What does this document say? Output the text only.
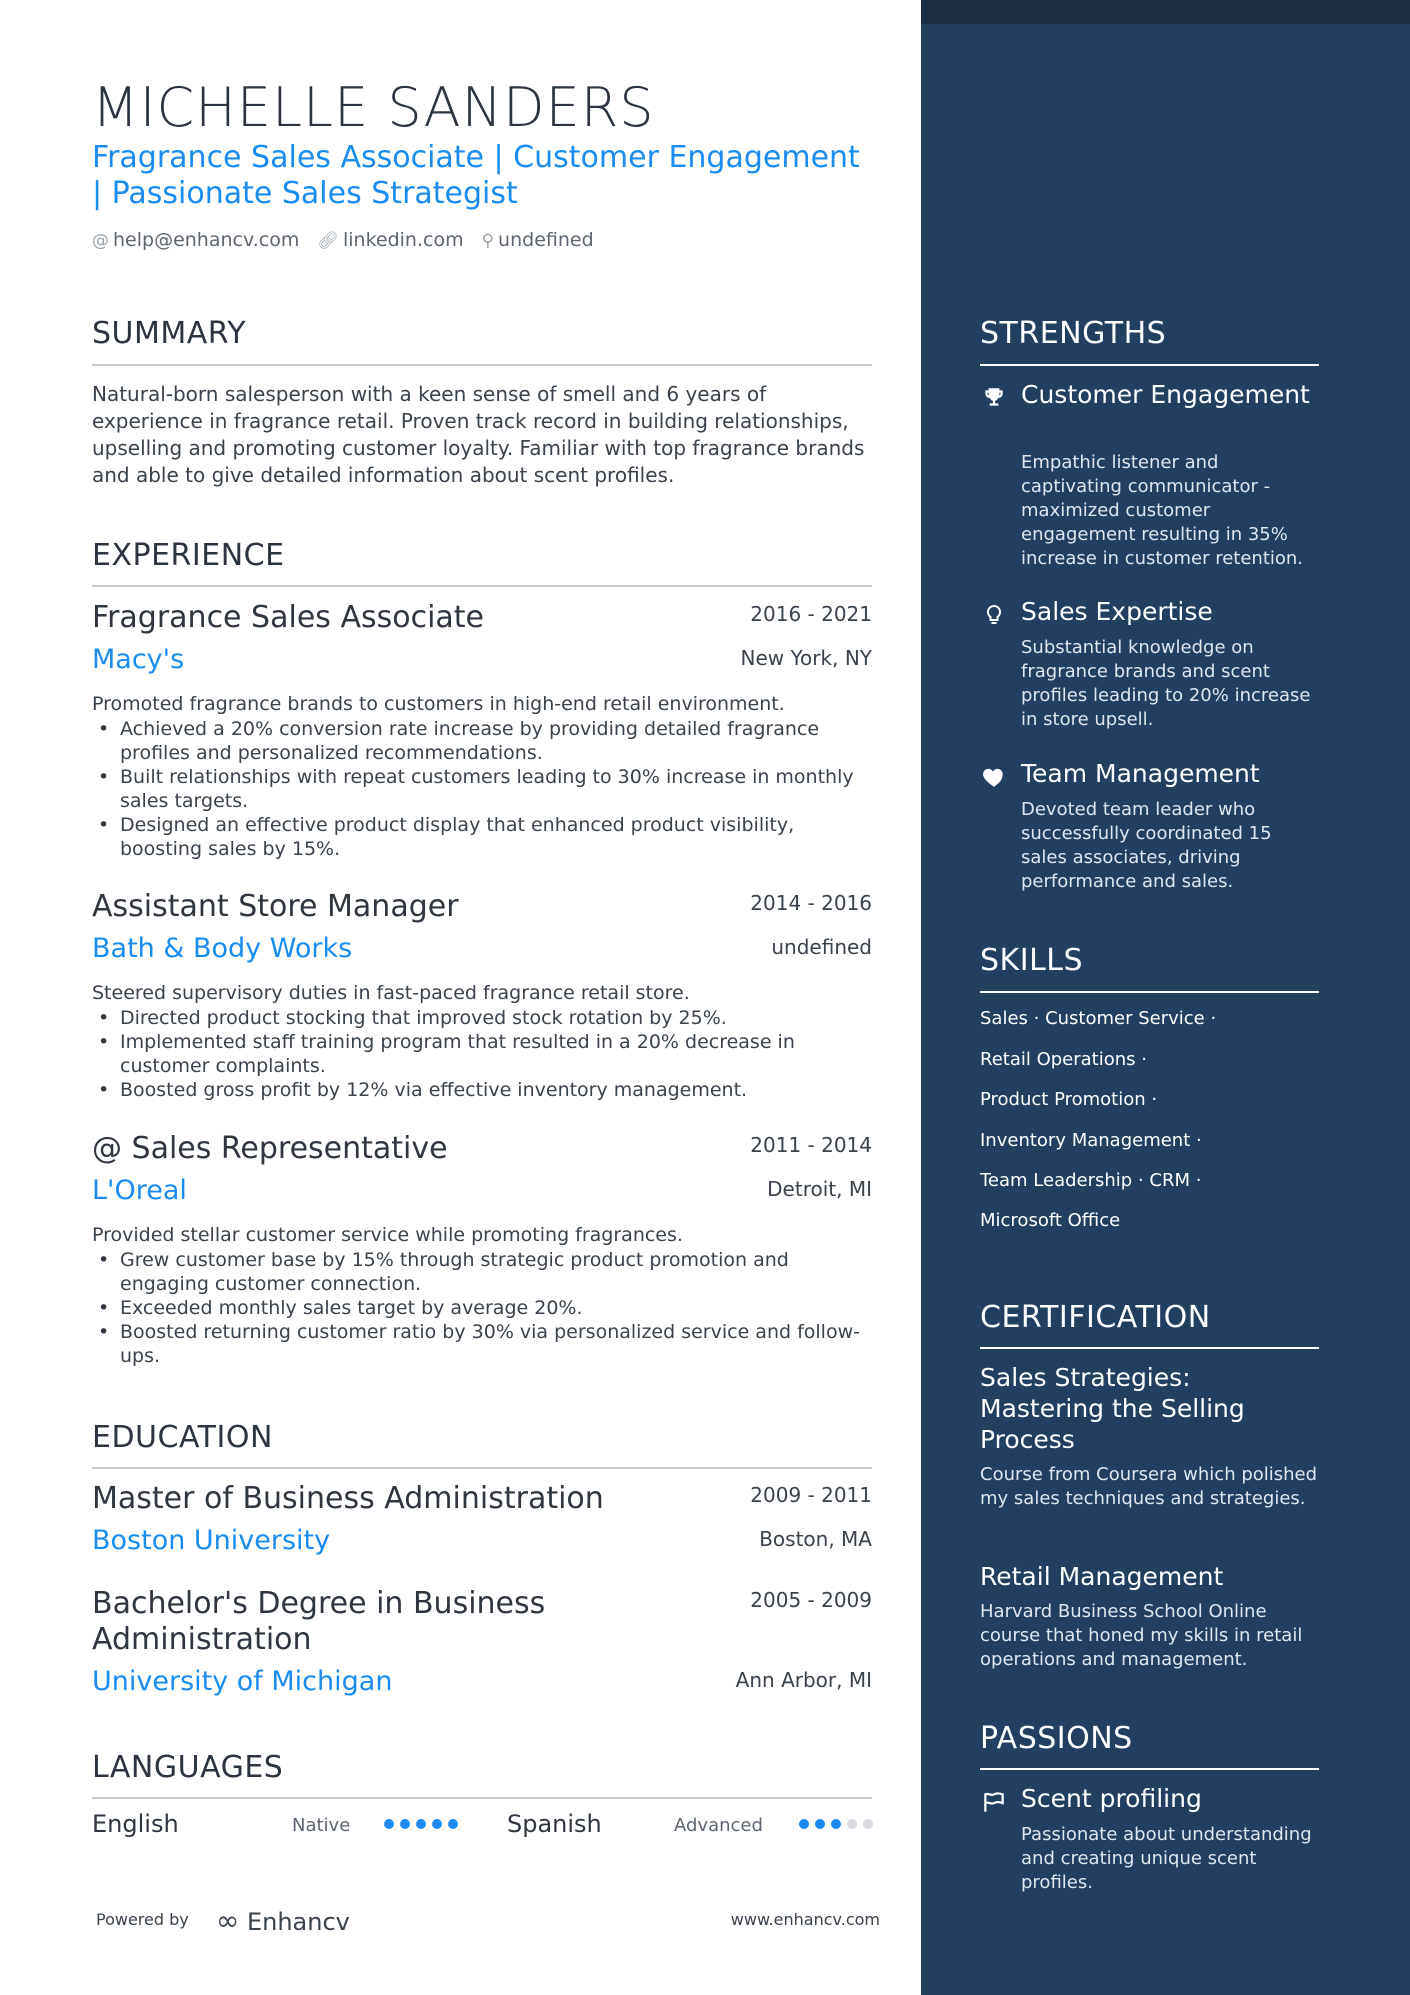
MICHELLE SANDERS
Fragrance Sales Associate | Customer Engagement | Passionate Sales Strategist
@ help@enhancv.com 🔗︎ linkedin.com ⚲ undefined
SUMMARY
Natural-born salesperson with a keen sense of smell and 6 years of experience in fragrance retail. Proven track record in building relationships, upselling and promoting customer loyalty. Familiar with top fragrance brands and able to give detailed information about scent profiles.
EXPERIENCE
Fragrance Sales Associate	2016 - 2021
Macy's	New York, NY
Promoted fragrance brands to customers in high-end retail environment.
• Achieved a 20% conversion rate increase by providing detailed fragrance profiles and personalized recommendations.
• Built relationships with repeat customers leading to 30% increase in monthly sales targets.
• Designed an effective product display that enhanced product visibility, boosting sales by 15%.
Assistant Store Manager	2014 - 2016
Bath & Body Works	undefined
Steered supervisory duties in fast-paced fragrance retail store.
• Directed product stocking that improved stock rotation by 25%.
• Implemented staff training program that resulted in a 20% decrease in customer complaints.
• Boosted gross profit by 12% via effective inventory management.
@ Sales Representative	2011 - 2014
L'Oreal	Detroit, MI
Provided stellar customer service while promoting fragrances.
• Grew customer base by 15% through strategic product promotion and engaging customer connection.
• Exceeded monthly sales target by average 20%.
• Boosted returning customer ratio by 30% via personalized service and follow-ups.
EDUCATION
Master of Business Administration	2009 - 2011
Boston University	Boston, MA
Bachelor's Degree in Business Administration
2005 - 2009
University of Michigan	Ann Arbor, MI
LANGUAGES
English	Native	Spanish	Advanced
Powered by ∞ Enhancv	www.enhancv.com
STRENGTHS
Customer Engagement
Empathic listener and captivating communicator - maximized customer engagement resulting in 35% increase in customer retention.
Sales Expertise
Substantial knowledge on fragrance brands and scent profiles leading to 20% increase in store upsell.
Team Management
Devoted team leader who successfully coordinated 15 sales associates, driving performance and sales.
SKILLS
Sales · Customer Service ·
Retail Operations ·
Product Promotion ·
Inventory Management ·
Team Leadership · CRM ·
Microsoft Office
CERTIFICATION
Sales Strategies: Mastering the Selling Process
Course from Coursera which polished my sales techniques and strategies.
Retail Management
Harvard Business School Online course that honed my skills in retail operations and management.
PASSIONS
Scent profiling
Passionate about understanding and creating unique scent profiles.
